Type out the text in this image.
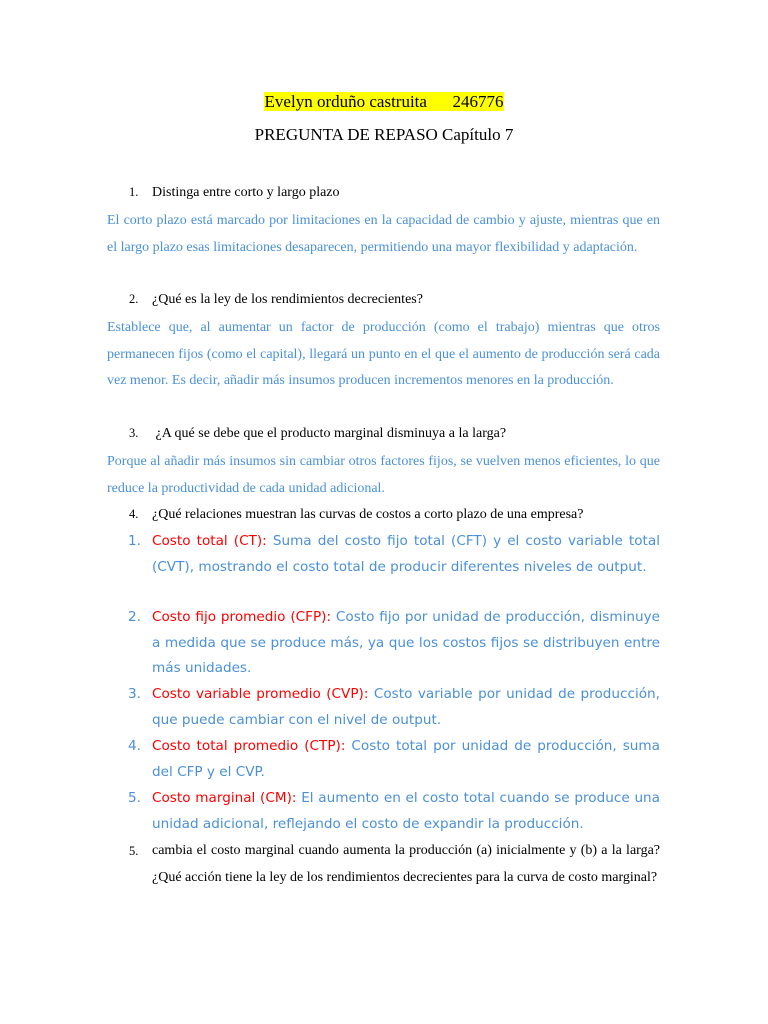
Evelyn orduño castruita 246776
PREGUNTA DE REPASO Capítulo 7
1. Distinga entre corto y largo plazo
El corto plazo está marcado por limitaciones en la capacidad de cambio y ajuste, mientras que en el largo plazo esas limitaciones desaparecen, permitiendo una mayor flexibilidad y adaptación.
2. ¿Qué es la ley de los rendimientos decrecientes?
Establece que, al aumentar un factor de producción (como el trabajo) mientras que otros permanecen fijos (como el capital), llegará un punto en el que el aumento de producción será cada vez menor. Es decir, añadir más insumos producen incrementos menores en la producción.
3. ¿A qué se debe que el producto marginal disminuya a la larga?
Porque al añadir más insumos sin cambiar otros factores fijos, se vuelven menos eficientes, lo que reduce la productividad de cada unidad adicional.
4. ¿Qué relaciones muestran las curvas de costos a corto plazo de una empresa?
1. Costo total (CT): Suma del costo fijo total (CFT) y el costo variable total (CVT), mostrando el costo total de producir diferentes niveles de output.
2. Costo fijo promedio (CFP): Costo fijo por unidad de producción, disminuye a medida que se produce más, ya que los costos fijos se distribuyen entre más unidades.
3. Costo variable promedio (CVP): Costo variable por unidad de producción, que puede cambiar con el nivel de output.
4. Costo total promedio (CTP): Costo total por unidad de producción, suma del CFP y el CVP.
5. Costo marginal (CM): El aumento en el costo total cuando se produce una unidad adicional, reflejando el costo de expandir la producción.
5. cambia el costo marginal cuando aumenta la producción (a) inicialmente y (b) a la larga? ¿Qué acción tiene la ley de los rendimientos decrecientes para la curva de costo marginal?
